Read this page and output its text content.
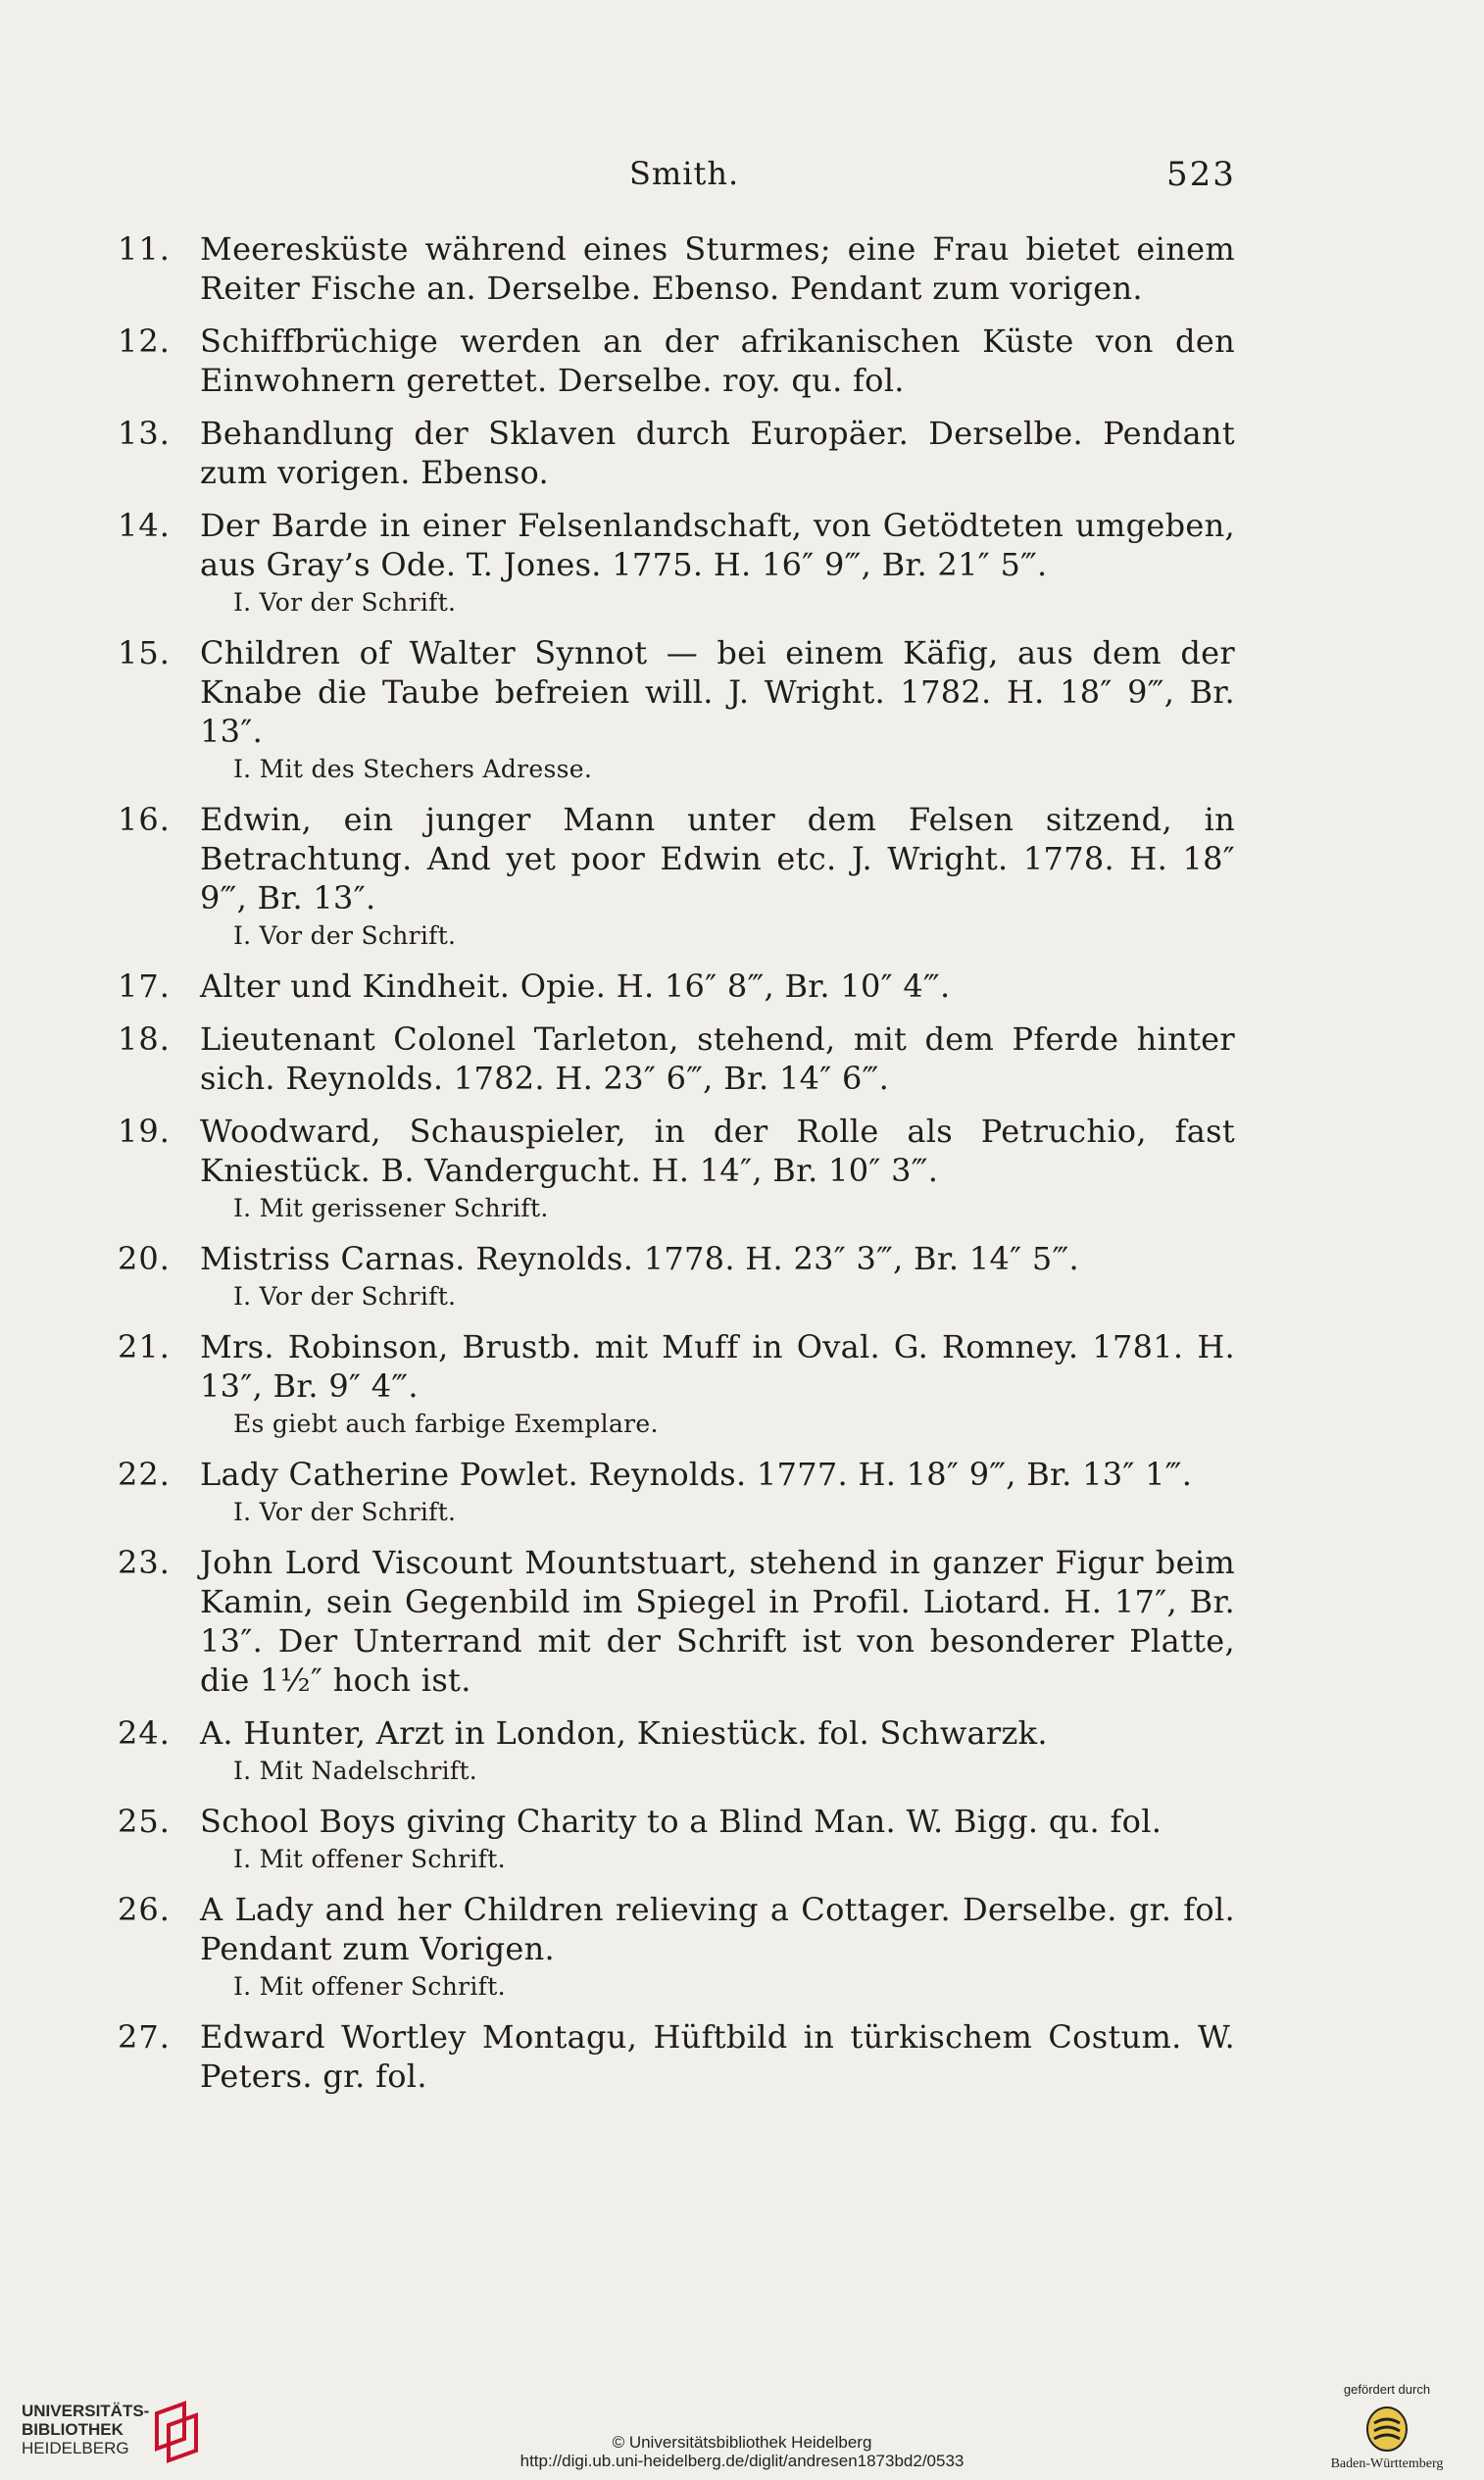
Smith.	523
11. Meeresküste während eines Sturmes; eine Frau bietet einem Reiter Fische an. Derselbe. Ebenso. Pendant zum vorigen.
12. Schiffbrüchige werden an der afrikanischen Küste von den Einwohnern gerettet. Derselbe. roy. qu. fol.
13. Behandlung der Sklaven durch Europäer. Derselbe. Pendant zum vorigen. Ebenso.
14. Der Barde in einer Felsenlandschaft, von Getödteten umgeben, aus Gray’s Ode. T. Jones. 1775. H. 16″ 9‴, Br. 21″ 5‴.
I. Vor der Schrift.
15. Children of Walter Synnot — bei einem Käfig, aus dem der Knabe die Taube befreien will. J. Wright. 1782. H. 18″ 9‴, Br. 13″.
I. Mit des Stechers Adresse.
16. Edwin, ein junger Mann unter dem Felsen sitzend, in Betrachtung. And yet poor Edwin etc. J. Wright. 1778. H. 18″ 9‴, Br. 13″.
I. Vor der Schrift.
17. Alter und Kindheit. Opie. H. 16″ 8‴, Br. 10″ 4‴.
18. Lieutenant Colonel Tarleton, stehend, mit dem Pferde hinter sich. Reynolds. 1782. H. 23″ 6‴, Br. 14″ 6‴.
19. Woodward, Schauspieler, in der Rolle als Petruchio, fast Kniestück. B. Vandergucht. H. 14″, Br. 10″ 3‴.
I. Mit gerissener Schrift.
20. Mistriss Carnas. Reynolds. 1778. H. 23″ 3‴, Br. 14″ 5‴.
I. Vor der Schrift.
21. Mrs. Robinson, Brustb. mit Muff in Oval. G. Romney. 1781. H. 13″, Br. 9″ 4‴.
Es giebt auch farbige Exemplare.
22. Lady Catherine Powlet. Reynolds. 1777. H. 18″ 9‴, Br. 13″ 1‴.
I. Vor der Schrift.
23. John Lord Viscount Mountstuart, stehend in ganzer Figur beim Kamin, sein Gegenbild im Spiegel in Profil. Liotard. H. 17″, Br. 13″. Der Unterrand mit der Schrift ist von besonderer Platte, die 1½″ hoch ist.
24. A. Hunter, Arzt in London, Kniestück. fol. Schwarzk.
I. Mit Nadelschrift.
25. School Boys giving Charity to a Blind Man. W. Bigg. qu. fol.
I. Mit offener Schrift.
26. A Lady and her Children relieving a Cottager. Derselbe. gr. fol. Pendant zum Vorigen.
I. Mit offener Schrift.
27. Edward Wortley Montagu, Hüftbild in türkischem Costum. W. Peters. gr. fol.
UNIVERSITÄTS-
BIBLIOTHEK
HEIDELBERG	© Universitätsbibliothek Heidelberg
http://digi.ub.uni-heidelberg.de/diglit/andresen1873bd2/0533
gefördert durch
Baden-Württemberg
